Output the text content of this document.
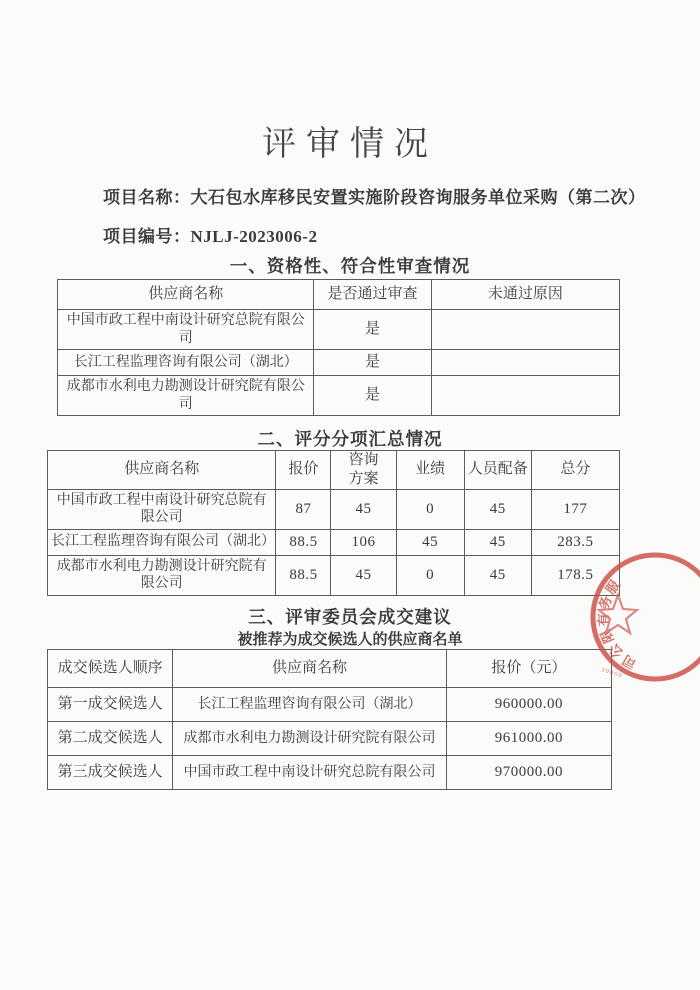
评审情况
项目名称：大石包水库移民安置实施阶段咨询服务单位采购（第二次）
项目编号：NJLJ-2023006-2
一、资格性、符合性审查情况
供应商名称	是否通过审查	未通过原因
中国市政工程中南设计研究总院有限公司	是	
长江工程监理咨询有限公司（湖北）	是	
成都市水利电力勘测设计研究院有限公司	是	
二、评分分项汇总情况
供应商名称	报价	咨询方案	业绩	人员配备	总分
中国市政工程中南设计研究总院有限公司	87	45	0	45	177
长江工程监理咨询有限公司（湖北）	88.5	106	45	45	283.5
成都市水利电力勘测设计研究院有限公司	88.5	45	0	45	178.5
三、评审委员会成交建议
被推荐为成交候选人的供应商名单
成交候选人顺序	供应商名称	报价（元）
第一成交候选人	长江工程监理咨询有限公司（湖北）	960000.00
第二成交候选人	成都市水利电力勘测设计研究院有限公司	961000.00
第三成交候选人	中国市政工程中南设计研究总院有限公司	970000.00
服
务
有
限
公
司
30060
